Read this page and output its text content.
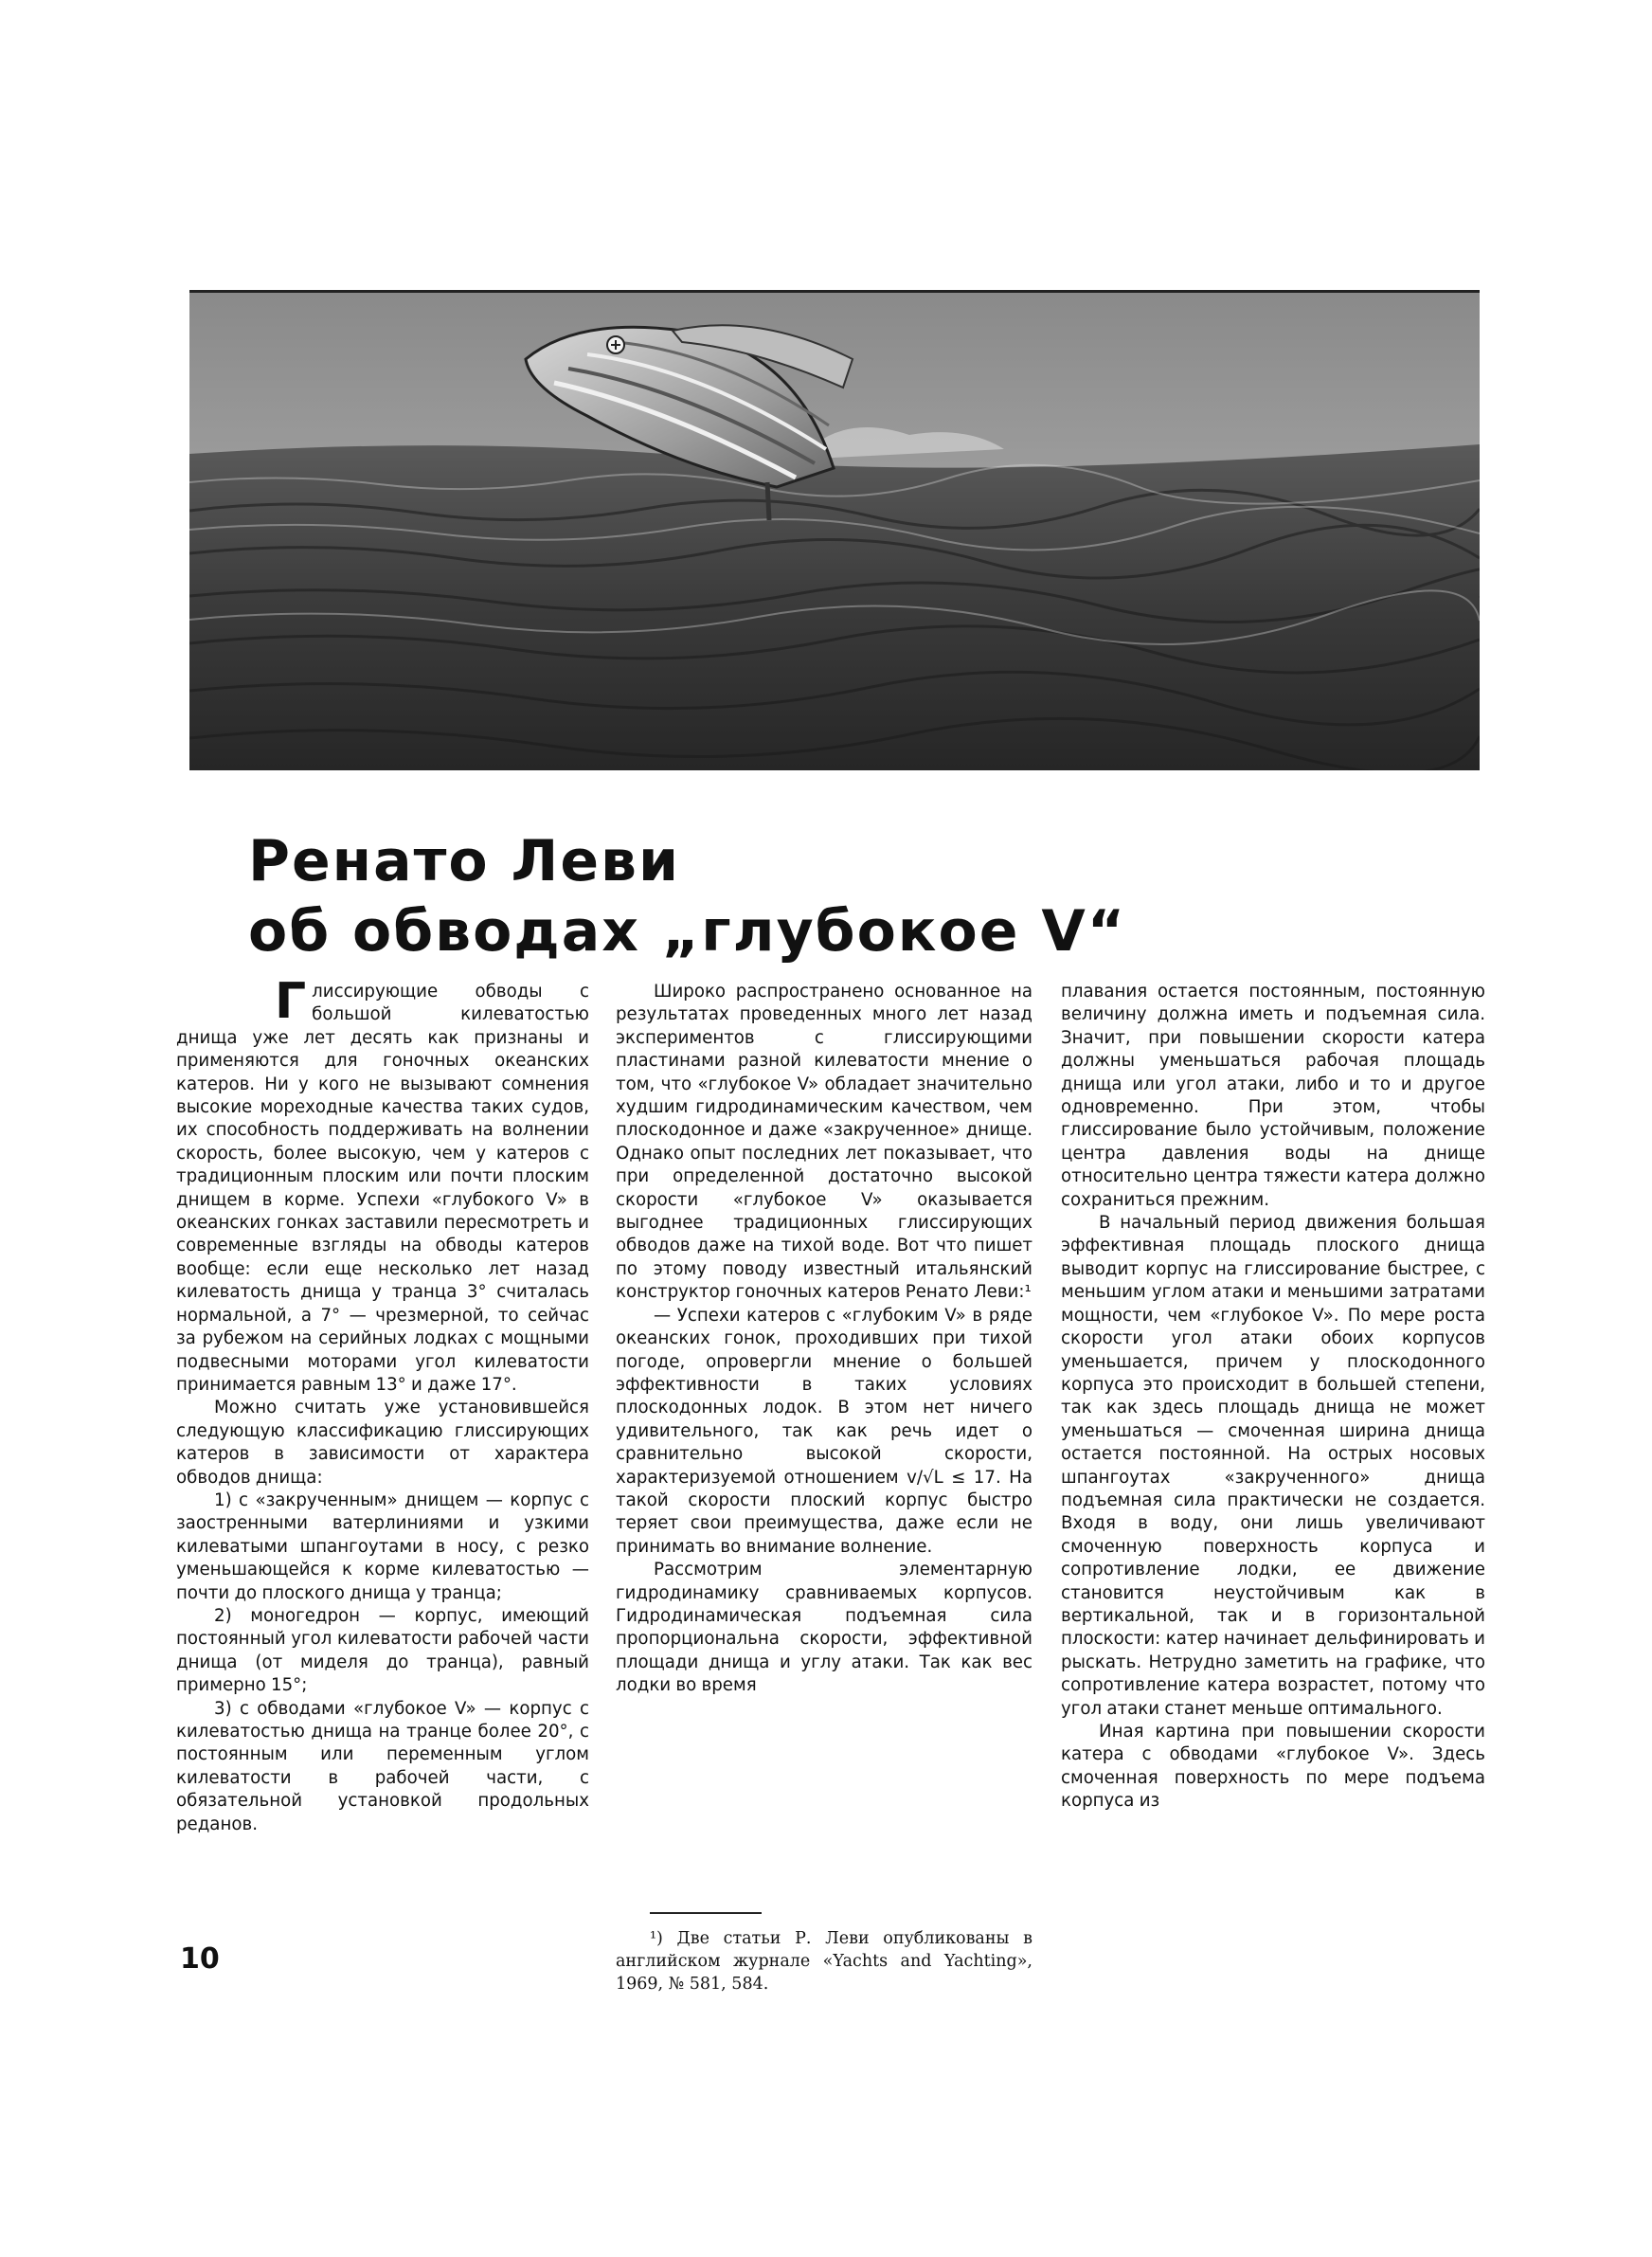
Ренато Леви
об обводах „глубокое V“

Г лиссирующие обводы с большой килеватостью днища уже лет десять как признаны и применяются для гоночных океанских катеров. Ни у кого не вызывают сомнения высокие мореходные качества таких судов, их способность поддерживать на волнении скорость, более высокую, чем у катеров с традиционным плоским или почти плоским днищем в корме. Успехи «глубокого V» в океанских гонках заставили пересмотреть и современные взгляды на обводы катеров вообще: если еще несколько лет назад килеватость днища у транца 3° считалась нормальной, а 7° — чрезмерной, то сейчас за рубежом на серийных лодках с мощными подвесными моторами угол килеватости принимается равным 13° и даже 17°.

Можно считать уже установившейся следующую классификацию глиссирующих катеров в зависимости от характера обводов днища:

1) с «закрученным» днищем — корпус с заостренными ватерлиниями и узкими килеватыми шпангоутами в носу, с резко уменьшающейся к корме килеватостью — почти до плоского днища у транца;

2) моногедрон — корпус, имеющий постоянный угол килеватости рабочей части днища (от миделя до транца), равный примерно 15°;

3) с обводами «глубокое V» — корпус с килеватостью днища на транце более 20°, с постоянным или переменным углом килеватости в рабочей части, с обязательной установкой продольных реданов.

Широко распространено основанное на результатах проведенных много лет назад экспериментов с глиссирующими пластинами разной килеватости мнение о том, что «глубокое V» обладает значительно худшим гидродинамическим качеством, чем плоскодонное и даже «закрученное» днище. Однако опыт последних лет показывает, что при определенной достаточно высокой скорости «глубокое V» оказывается выгоднее традиционных глиссирующих обводов даже на тихой воде. Вот что пишет по этому поводу известный итальянский конструктор гоночных катеров Ренато Леви:¹

— Успехи катеров с «глубоким V» в ряде океанских гонок, проходивших при тихой погоде, опровергли мнение о большей эффективности в таких условиях плоскодонных лодок. В этом нет ничего удивительного, так как речь идет о сравнительно высокой скорости, характеризуемой отношением v/√L ≤ 17. На такой скорости плоский корпус быстро теряет свои преимущества, даже если не принимать во внимание волнение.

Рассмотрим элементарную гидродинамику сравниваемых корпусов. Гидродинамическая подъемная сила пропорциональна скорости, эффективной площади днища и углу атаки. Так как вес лодки во время

¹) Две статьи Р. Леви опубликованы в английском журнале «Yachts and Yachting», 1969, № 581, 584.

плавания остается постоянным, постоянную величину должна иметь и подъемная сила. Значит, при повышении скорости катера должны уменьшаться рабочая площадь днища или угол атаки, либо и то и другое одновременно. При этом, чтобы глиссирование было устойчивым, положение центра давления воды на днище относительно центра тяжести катера должно сохраниться прежним.

В начальный период движения большая эффективная площадь плоского днища выводит корпус на глиссирование быстрее, с меньшим углом атаки и меньшими затратами мощности, чем «глубокое V». По мере роста скорости угол атаки обоих корпусов уменьшается, причем у плоскодонного корпуса это происходит в большей степени, так как здесь площадь днища не может уменьшаться — смоченная ширина днища остается постоянной. На острых носовых шпангоутах «закрученного» днища подъемная сила практически не создается. Входя в воду, они лишь увеличивают смоченную поверхность корпуса и сопротивление лодки, ее движение становится неустойчивым как в вертикальной, так и в горизонтальной плоскости: катер начинает дельфинировать и рыскать. Нетрудно заметить на графике, что сопротивление катера возрастет, потому что угол атаки станет меньше оптимального.

Иная картина при повышении скорости катера с обводами «глубокое V». Здесь смоченная поверхность по мере подъема корпуса из

10
